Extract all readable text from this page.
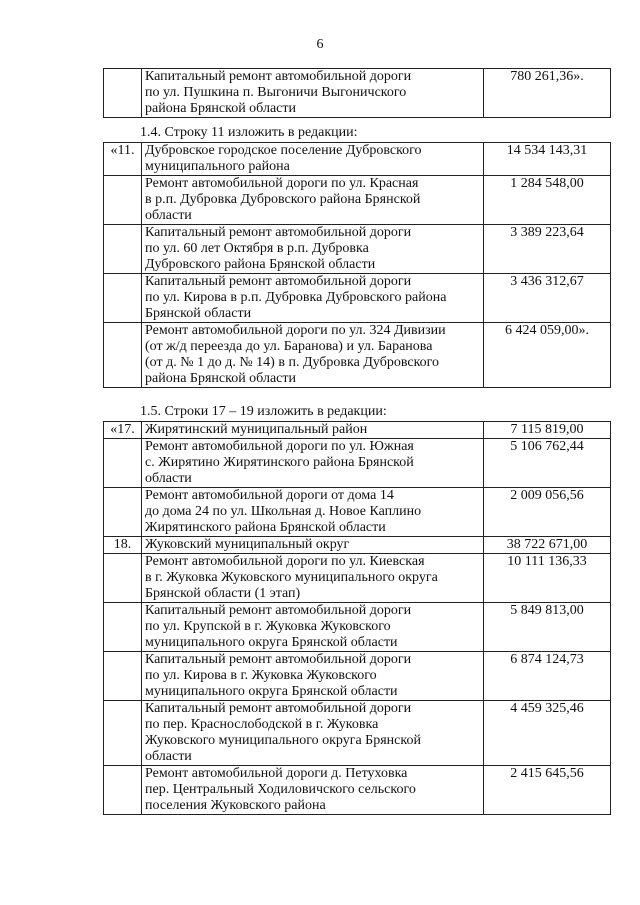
6

Капитальный ремонт автомобильной дороги
по ул. Пушкина п. Выгоничи Выгоничского
района Брянской области
	780 261,36».
1.4. Строку 11 изложить в редакции:
«11.	Дубровское городское поселение Дубровского
муниципального района	14 534 143,31

	Ремонт автомобильной дороги по ул. Красная
в р.п. Дубровка Дубровского района Брянской
области	1 284 548,00

	Капитальный ремонт автомобильной дороги
по ул. 60 лет Октября в р.п. Дубровка
Дубровского района Брянской области	3 389 223,64

	Капитальный ремонт автомобильной дороги
по ул. Кирова в р.п. Дубровка Дубровского района
Брянской области	3 436 312,67

	Ремонт автомобильной дороги по ул. 324 Дивизии
(от ж/д переезда до ул. Баранова) и ул. Баранова
(от д. № 1 до д. № 14) в п. Дубровка Дубровского
района Брянской области	6 424 059,00».
1.5. Строки 17 – 19 изложить в редакции:
«17.	Жирятинский муниципальный район	7 115 819,00

	Ремонт автомобильной дороги по ул. Южная
с. Жирятино Жирятинского района Брянской
области	5 106 762,44

	Ремонт автомобильной дороги от дома 14
до дома 24 по ул. Школьная д. Новое Каплино
Жирятинского района Брянской области	2 009 056,56
18.	Жуковский муниципальный округ	38 722 671,00

	Ремонт автомобильной дороги по ул. Киевская
в г. Жуковка Жуковского муниципального округа
Брянской области (1 этап)	10 111 136,33

	Капитальный ремонт автомобильной дороги
по ул. Крупской в г. Жуковка Жуковского
муниципального округа Брянской области	5 849 813,00

	Капитальный ремонт автомобильной дороги
по ул. Кирова в г. Жуковка Жуковского
муниципального округа Брянской области	6 874 124,73

	Капитальный ремонт автомобильной дороги
по пер. Краснослободской в г. Жуковка
Жуковского муниципального округа Брянской
области	4 459 325,46

	Ремонт автомобильной дороги д. Петуховка
пер. Центральный Ходиловичского сельского
поселения Жуковского района	2 415 645,56
